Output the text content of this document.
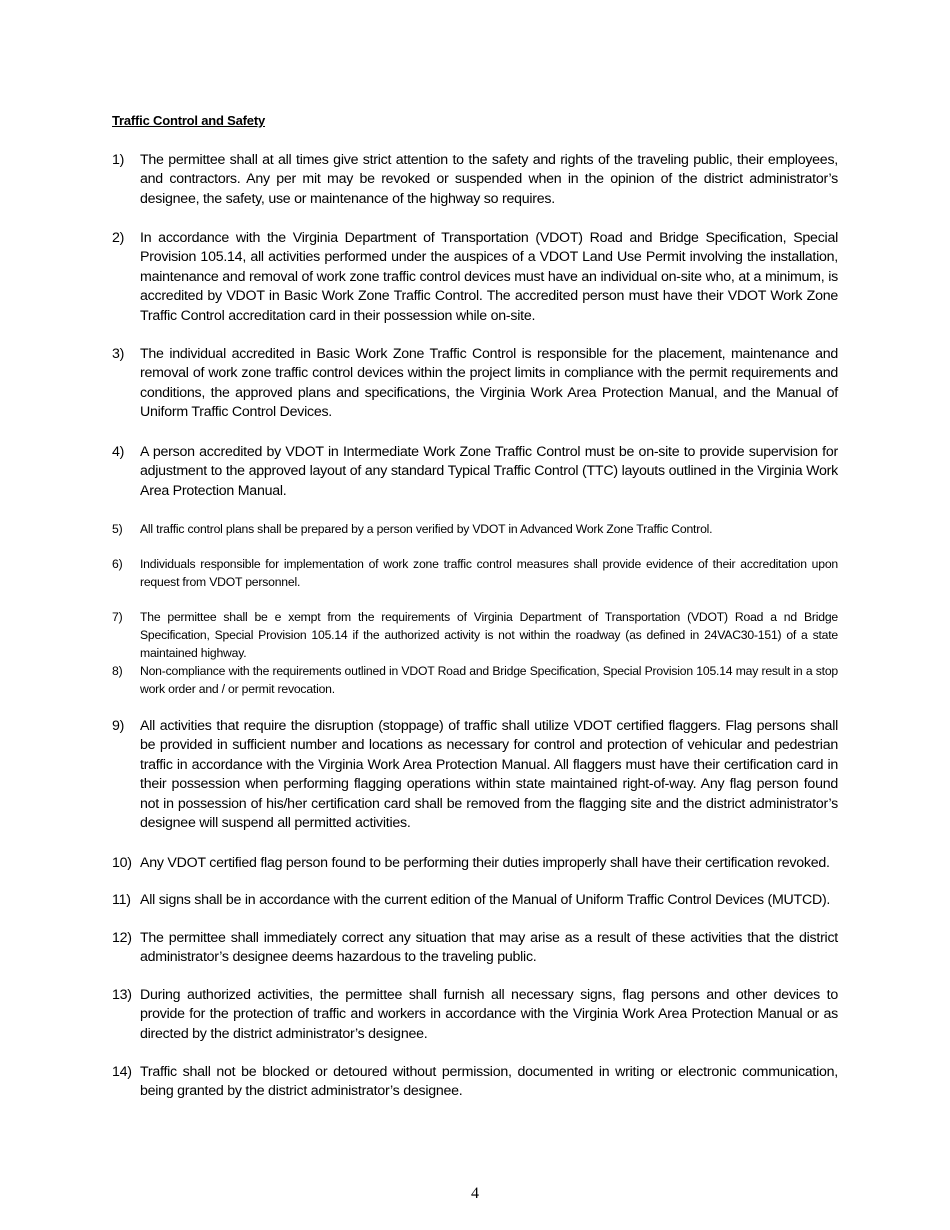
Traffic Control and Safety
1) The permittee shall at all times give strict attention to the safety and rights of the traveling public, their employees, and contractors. Any per mit may be revoked or suspended when in the opinion of the district administrator’s designee, the safety, use or maintenance of the highway so requires.
2) In accordance with the Virginia Department of Transportation (VDOT) Road and Bridge Specification, Special Provision 105.14, all activities performed under the auspices of a VDOT Land Use Permit involving the installation, maintenance and removal of work zone traffic control devices must have an individual on-site who, at a minimum, is accredited by VDOT in Basic Work Zone Traffic Control. The accredited person must have their VDOT Work Zone Traffic Control accreditation card in their possession while on-site.
3) The individual accredited in Basic Work Zone Traffic Control is responsible for the placement, maintenance and removal of work zone traffic control devices within the project limits in compliance with the permit requirements and conditions, the approved plans and specifications, the Virginia Work Area Protection Manual, and the Manual of Uniform Traffic Control Devices.
4) A person accredited by VDOT in Intermediate Work Zone Traffic Control must be on-site to provide supervision for adjustment to the approved layout of any standard Typical Traffic Control (TTC) layouts outlined in the Virginia Work Area Protection Manual.
5) All traffic control plans shall be prepared by a person verified by VDOT in Advanced Work Zone Traffic Control.
6) Individuals responsible for implementation of work zone traffic control measures shall provide evidence of their accreditation upon request from VDOT personnel.
7) The permittee shall be e xempt from the requirements of Virginia Department of Transportation (VDOT) Road a nd Bridge Specification, Special Provision 105.14 if the authorized activity is not within the roadway (as defined in 24VAC30-151) of a state maintained highway.
8) Non-compliance with the requirements outlined in VDOT Road and Bridge Specification, Special Provision 105.14 may result in a stop work order and / or permit revocation.
9) All activities that require the disruption (stoppage) of traffic shall utilize VDOT certified flaggers. Flag persons shall be provided in sufficient number and locations as necessary for control and protection of vehicular and pedestrian traffic in accordance with the Virginia Work Area Protection Manual. All flaggers must have their certification card in their possession when performing flagging operations within state maintained right-of-way. Any flag person found not in possession of his/her certification card shall be removed from the flagging site and the district administrator’s designee will suspend all permitted activities.
10) Any VDOT certified flag person found to be performing their duties improperly shall have their certification revoked.
11) All signs shall be in accordance with the current edition of the Manual of Uniform Traffic Control Devices (MUTCD).
12) The permittee shall immediately correct any situation that may arise as a result of these activities that the district administrator’s designee deems hazardous to the traveling public.
13) During authorized activities, the permittee shall furnish all necessary signs, flag persons and other devices to provide for the protection of traffic and workers in accordance with the Virginia Work Area Protection Manual or as directed by the district administrator’s designee.
14) Traffic shall not be blocked or detoured without permission, documented in writing or electronic communication, being granted by the district administrator’s designee.
4
